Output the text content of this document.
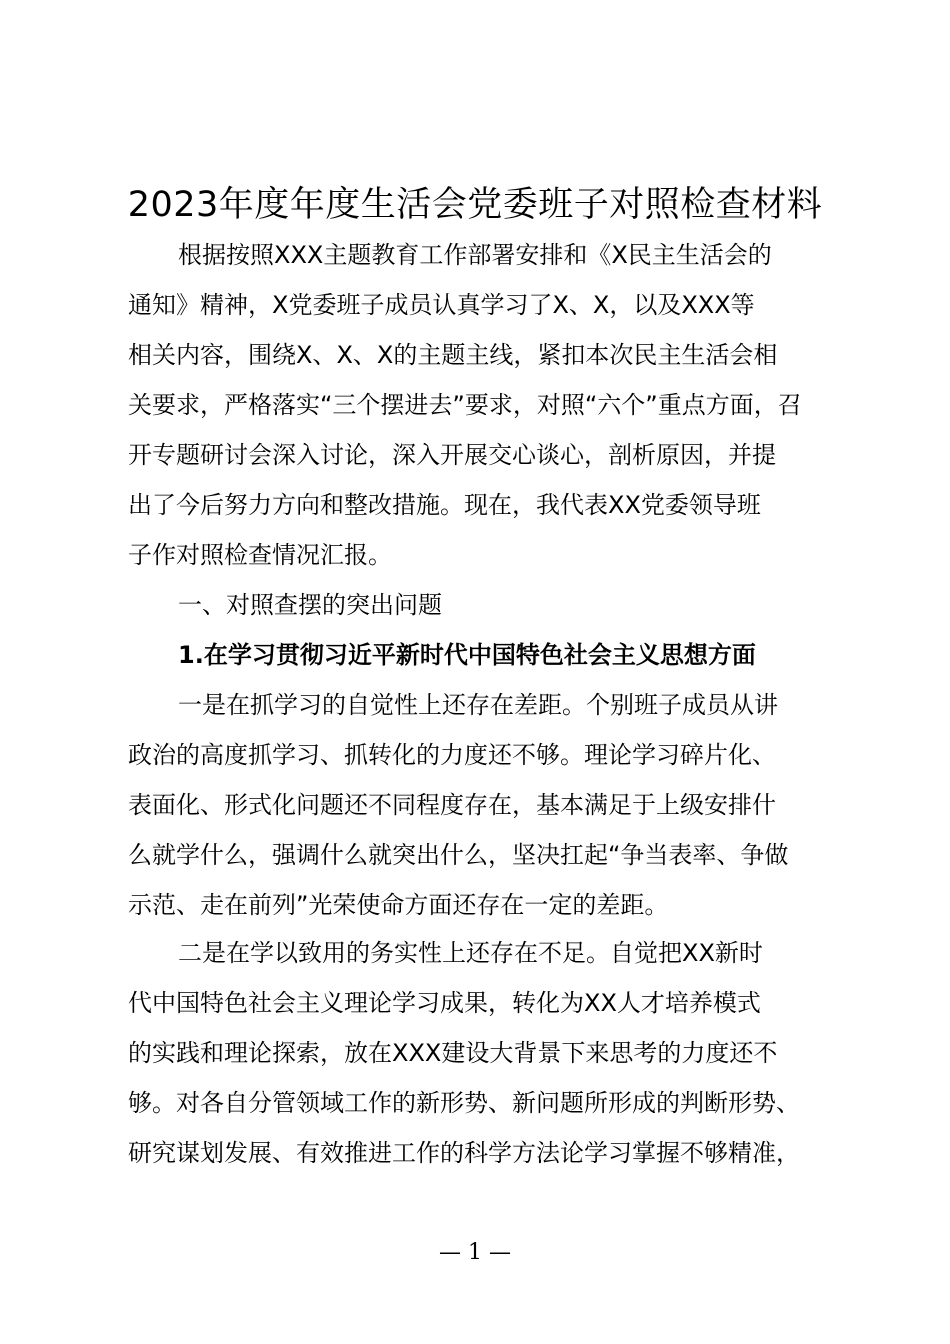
2023年度年度生活会党委班子对照检查材料
根据按照XXX主题教育工作部署安排和《X民主生活会的
通知》精神，X党委班子成员认真学习了X、X，以及XXX等
相关内容，围绕X、X、X的主题主线，紧扣本次民主生活会相
关要求，严格落实“三个摆进去”要求，对照“六个”重点方面，召
开专题研讨会深入讨论，深入开展交心谈心，剖析原因，并提
出了今后努力方向和整改措施。现在，我代表XX党委领导班
子作对照检查情况汇报。
一、对照查摆的突出问题
1.在学习贯彻习近平新时代中国特色社会主义思想方面
一是在抓学习的自觉性上还存在差距。个别班子成员从讲
政治的高度抓学习、抓转化的力度还不够。理论学习碎片化、
表面化、形式化问题还不同程度存在，基本满足于上级安排什
么就学什么，强调什么就突出什么，坚决扛起“争当表率、争做
示范、走在前列”光荣使命方面还存在一定的差距。
二是在学以致用的务实性上还存在不足。自觉把XX新时
代中国特色社会主义理论学习成果，转化为XX人才培养模式
的实践和理论探索，放在XXX建设大背景下来思考的力度还不
够。对各自分管领域工作的新形势、新问题所形成的判断形势、
研究谋划发展、有效推进工作的科学方法论学习掌握不够精准，
— 1 —
